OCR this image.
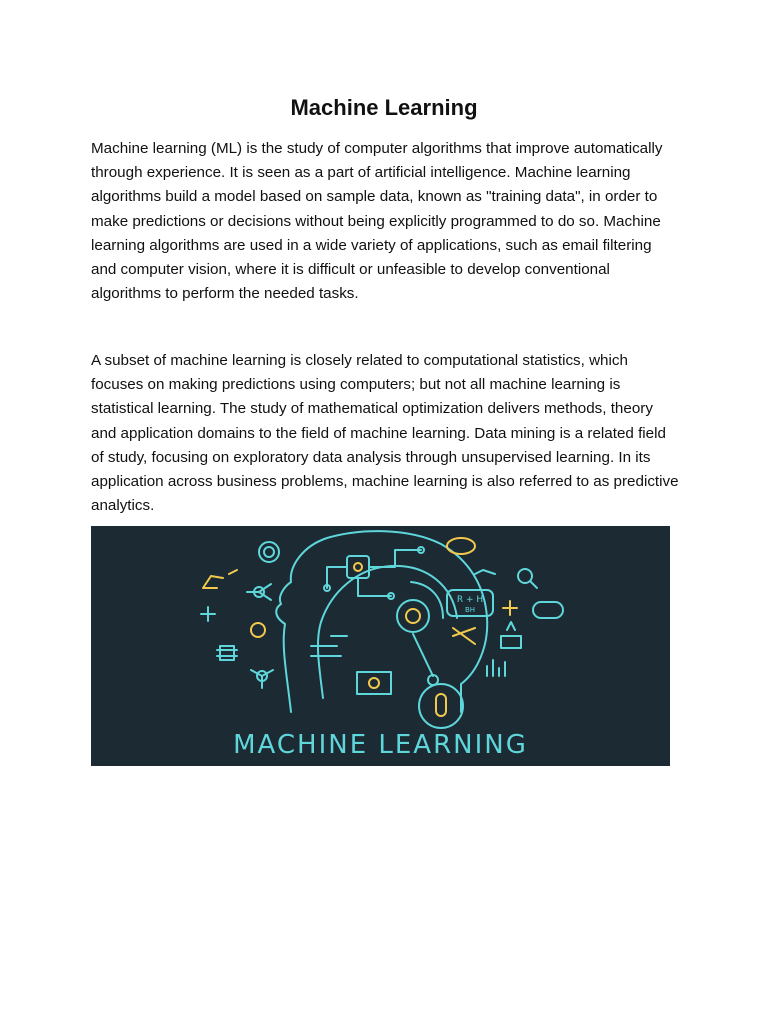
Machine Learning

Machine learning (ML) is the study of computer algorithms that improve automatically through experience. It is seen as a part of artificial intelligence. Machine learning algorithms build a model based on sample data, known as "training data", in order to make predictions or decisions without being explicitly programmed to do so. Machine learning algorithms are used in a wide variety of applications, such as email filtering and computer vision, where it is difficult or unfeasible to develop conventional algorithms to perform the needed tasks.

A subset of machine learning is closely related to computational statistics, which focuses on making predictions using computers; but not all machine learning is statistical learning. The study of mathematical optimization delivers methods, theory and application domains to the field of machine learning. Data mining is a related field of study, focusing on exploratory data analysis through unsupervised learning. In its application across business problems, machine learning is also referred to as predictive analytics.

R + H
BH
MACHINE LEARNING
